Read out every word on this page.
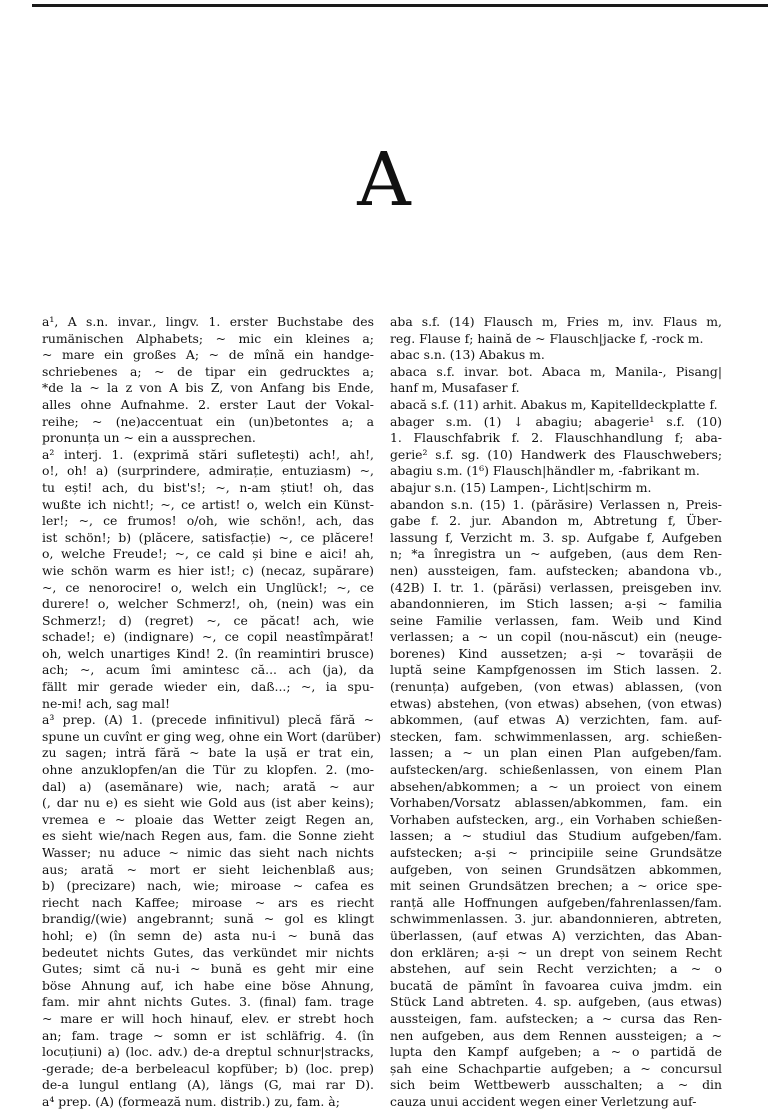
A
a¹, A s.n. invar., lingv. 1. erster Buchstabe des
rumänischen Alphabets; ~ mic ein kleines a;
~ mare ein großes A; ~ de mînă ein handge-
schriebenes a; ~ de tipar ein gedrucktes a;
*de la ~ la z von A bis Z, von Anfang bis Ende,
alles ohne Aufnahme. 2. erster Laut der Vokal-
reihe; ~ (ne)accentuat ein (un)betontes a; a
pronunța un ~ ein a aussprechen.
a² interj. 1. (exprimă stări sufletești) ach!, ah!,
o!, oh! a) (surprindere, admirație, entuziasm) ~,
tu ești! ach, du bist's!; ~, n-am știut! oh, das
wußte ich nicht!; ~, ce artist! o, welch ein Künst-
ler!; ~, ce frumos! o/oh, wie schön!, ach, das
ist schön!; b) (plăcere, satisfacție) ~, ce plăcere!
o, welche Freude!; ~, ce cald și bine e aici! ah,
wie schön warm es hier ist!; c) (necaz, supărare)
~, ce nenorocire! o, welch ein Unglück!; ~, ce
durere! o, welcher Schmerz!, oh, (nein) was ein
Schmerz!; d) (regret) ~, ce păcat! ach, wie
schade!; e) (indignare) ~, ce copil neastîmpărat!
oh, welch unartiges Kind! 2. (în reamintiri brusce)
ach; ~, acum îmi amintesc că... ach (ja), da
fällt mir gerade wieder ein, daß...; ~, ia spu-
ne-mi! ach, sag mal!
a³ prep. (A) 1. (precede infinitivul) plecă fără ~
spune un cuvînt er ging weg, ohne ein Wort (darüber)
zu sagen; intră fără ~ bate la ușă er trat ein,
ohne anzuklopfen/an die Tür zu klopfen. 2. (mo-
dal) a) (asemănare) wie, nach; arată ~ aur
(, dar nu e) es sieht wie Gold aus (ist aber keins);
vremea e ~ ploaie das Wetter zeigt Regen an,
es sieht wie/nach Regen aus, fam. die Sonne zieht
Wasser; nu aduce ~ nimic das sieht nach nichts
aus; arată ~ mort er sieht leichenblaß aus;
b) (precizare) nach, wie; miroase ~ cafea es
riecht nach Kaffee; miroase ~ ars es riecht
brandig/(wie) angebrannt; sună ~ gol es klingt
hohl; e) (în semn de) asta nu-i ~ bună das
bedeutet nichts Gutes, das verkündet mir nichts
Gutes; simt că nu-i ~ bună es geht mir eine
böse Ahnung auf, ich habe eine böse Ahnung,
fam. mir ahnt nichts Gutes. 3. (final) fam. trage
~ mare er will hoch hinauf, elev. er strebt hoch
an; fam. trage ~ somn er ist schläfrig. 4. (în
locuțiuni) a) (loc. adv.) de-a dreptul schnur|stracks,
-gerade; de-a berbeleacul kopfüber; b) (loc. prep)
de-a lungul entlang (A), längs (G, mai rar D).
a⁴ prep. (A) (formează num. distrib.) zu, fam. à;
aba s.f. (14) Flausch m, Fries m, inv. Flaus m,
reg. Flause f; haină de ~ Flausch|jacke f, -rock m.
abac s.n. (13) Abakus m.
abaca s.f. invar. bot. Abaca m, Manila-, Pisang|
hanf m, Musafaser f.
abacă s.f. (11) arhit. Abakus m, Kapitelldeckplatte f.
abager s.m. (1) ↓ abagiu; abagerie¹ s.f. (10)
1. Flauschfabrik f. 2. Flauschhandlung f; aba-
gerie² s.f. sg. (10) Handwerk des Flauschwebers;
abagiu s.m. (1⁶) Flausch|händler m, -fabrikant m.
abajur s.n. (15) Lampen-, Licht|schirm m.
abandon s.n. (15) 1. (părăsire) Verlassen n, Preis-
gabe f. 2. jur. Abandon m, Abtretung f, Über-
lassung f, Verzicht m. 3. sp. Aufgabe f, Aufgeben
n; *a înregistra un ~ aufgeben, (aus dem Ren-
nen) aussteigen, fam. aufstecken; abandona vb.,
(42B) I. tr. 1. (părăsi) verlassen, preisgeben inv.
abandonnieren, im Stich lassen; a-și ~ familia
seine Familie verlassen, fam. Weib und Kind
verlassen; a ~ un copil (nou-născut) ein (neuge-
borenes) Kind aussetzen; a-și ~ tovarășii de
luptă seine Kampfgenossen im Stich lassen. 2.
(renunța) aufgeben, (von etwas) ablassen, (von
etwas) abstehen, (von etwas) absehen, (von etwas)
abkommen, (auf etwas A) verzichten, fam. auf-
stecken, fam. schwimmenlassen, arg. schießen-
lassen; a ~ un plan einen Plan aufgeben/fam.
aufstecken/arg. schießenlassen, von einem Plan
absehen/abkommen; a ~ un proiect von einem
Vorhaben/Vorsatz ablassen/abkommen, fam. ein
Vorhaben aufstecken, arg., ein Vorhaben schießen-
lassen; a ~ studiul das Studium aufgeben/fam.
aufstecken; a-și ~ principiile seine Grundsätze
aufgeben, von seinen Grundsätzen abkommen,
mit seinen Grundsätzen brechen; a ~ orice spe-
ranță alle Hoffnungen aufgeben/fahrenlassen/fam.
schwimmenlassen. 3. jur. abandonnieren, abtreten,
überlassen, (auf etwas A) verzichten, das Aban-
don erklären; a-și ~ un drept von seinem Recht
abstehen, auf sein Recht verzichten; a ~ o
bucată de pămînt în favoarea cuiva jmdm. ein
Stück Land abtreten. 4. sp. aufgeben, (aus etwas)
aussteigen, fam. aufstecken; a ~ cursa das Ren-
nen aufgeben, aus dem Rennen aussteigen; a ~
lupta den Kampf aufgeben; a ~ o partidă de
șah eine Schachpartie aufgeben; a ~ concursul
sich beim Wettbewerb ausschalten; a ~ din
cauza unui accident wegen einer Verletzung auf-
